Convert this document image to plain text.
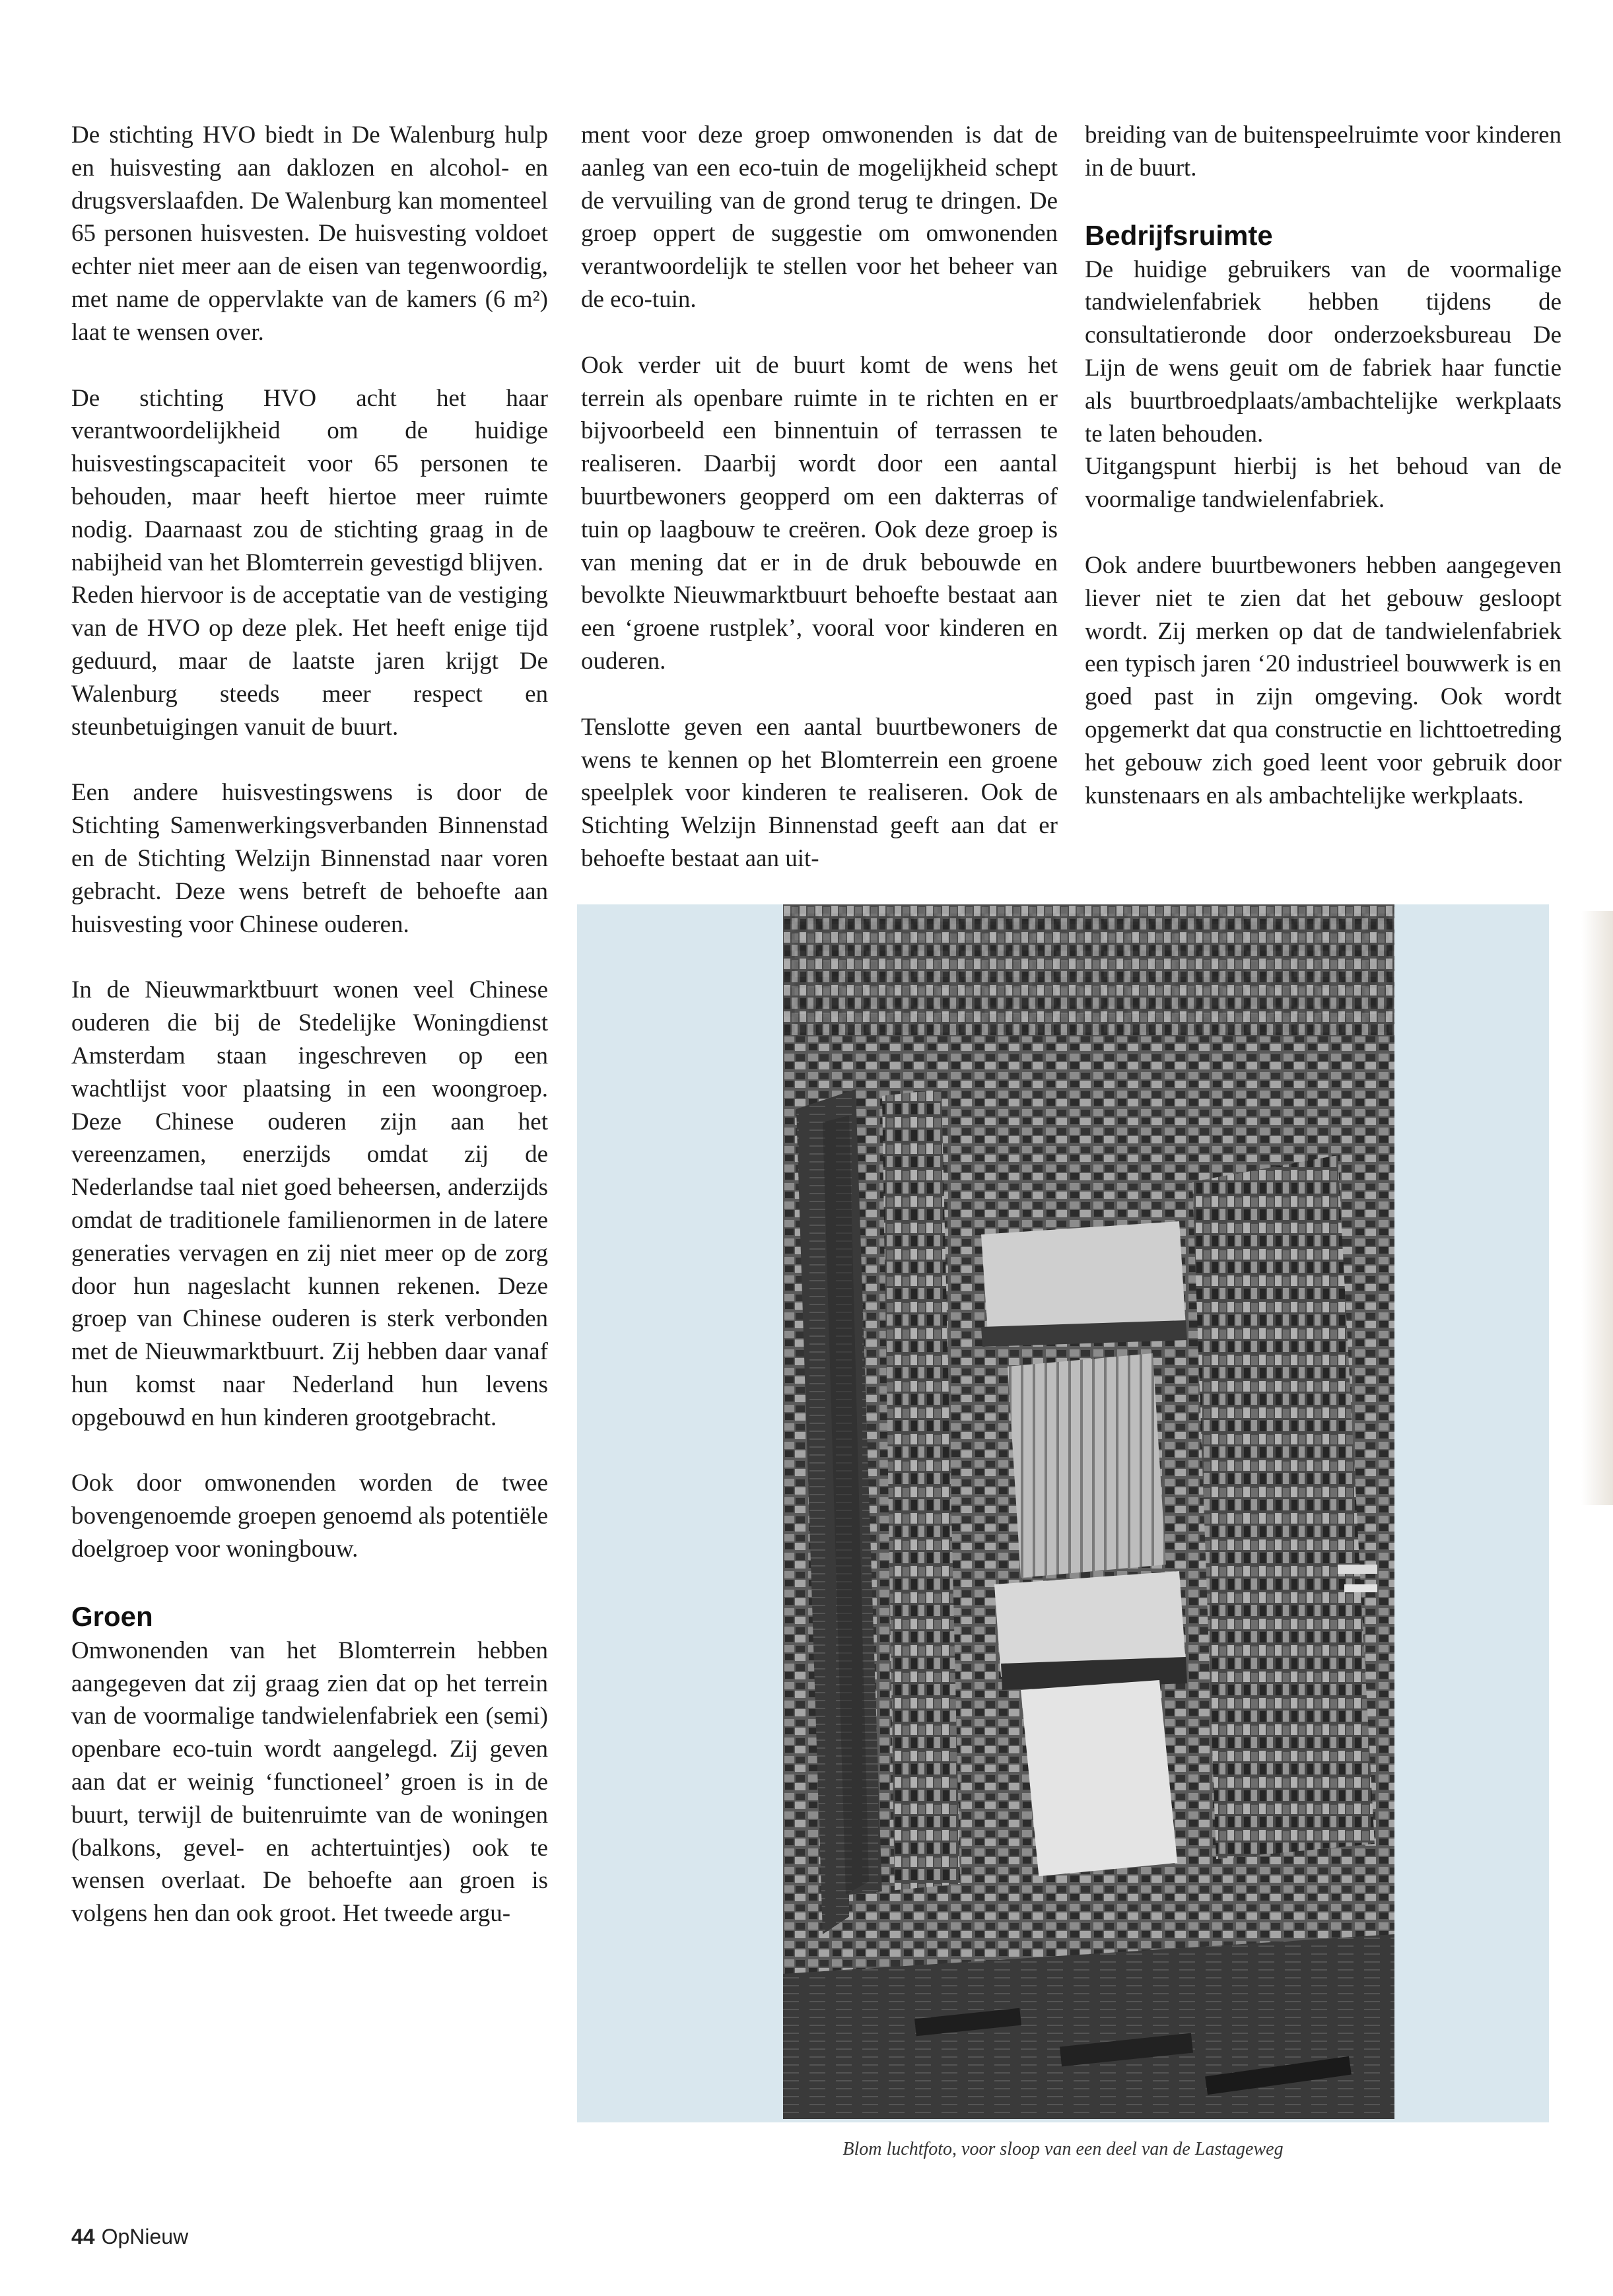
De stichting HVO biedt in De Walenburg hulp en huisvesting aan daklozen en alcohol- en drugsverslaafden. De Walenburg kan momenteel 65 personen huisvesten. De huisvesting voldoet echter niet meer aan de eisen van tegenwoordig, met name de oppervlakte van de kamers (6 m²) laat te wensen over.

De stichting HVO acht het haar verantwoordelijkheid om de huidige huisvestingscapaciteit voor 65 personen te behouden, maar heeft hiertoe meer ruimte nodig. Daarnaast zou de stichting graag in de nabijheid van het Blomterrein gevestigd blijven.

Reden hiervoor is de acceptatie van de vestiging van de HVO op deze plek. Het heeft enige tijd geduurd, maar de laatste jaren krijgt De Walenburg steeds meer respect en steunbetuigingen vanuit de buurt.

Een andere huisvestingswens is door de Stichting Samenwerkingsverbanden Binnenstad en de Stichting Welzijn Binnenstad naar voren gebracht. Deze wens betreft de behoefte aan huisvesting voor Chinese ouderen.

In de Nieuwmarktbuurt wonen veel Chinese ouderen die bij de Stedelijke Woningdienst Amsterdam staan ingeschreven op een wachtlijst voor plaatsing in een woongroep. Deze Chinese ouderen zijn aan het vereenzamen, enerzijds omdat zij de Nederlandse taal niet goed beheersen, anderzijds omdat de traditionele familienormen in de latere generaties vervagen en zij niet meer op de zorg door hun nageslacht kunnen rekenen. Deze groep van Chinese ouderen is sterk verbonden met de Nieuwmarktbuurt. Zij hebben daar vanaf hun komst naar Nederland hun levens opgebouwd en hun kinderen grootgebracht.

Ook door omwonenden worden de twee bovengenoemde groepen genoemd als potentiële doelgroep voor woningbouw.

Groen

Omwonenden van het Blomterrein hebben aangegeven dat zij graag zien dat op het terrein van de voormalige tandwielenfabriek een (semi) openbare eco-tuin wordt aangelegd. Zij geven aan dat er weinig ‘functioneel’ groen is in de buurt, terwijl de buitenruimte van de woningen (balkons, gevel- en achtertuintjes) ook te wensen overlaat. De behoefte aan groen is volgens hen dan ook groot. Het tweede argu-

ment voor deze groep omwonenden is dat de aanleg van een eco-tuin de mogelijkheid schept de vervuiling van de grond terug te dringen. De groep oppert de suggestie om omwonenden verantwoordelijk te stellen voor het beheer van de eco-tuin.

Ook verder uit de buurt komt de wens het terrein als openbare ruimte in te richten en er bijvoorbeeld een binnentuin of terrassen te realiseren. Daarbij wordt door een aantal buurtbewoners geopperd om een dakterras of tuin op laagbouw te creëren. Ook deze groep is van mening dat er in de druk bebouwde en bevolkte Nieuwmarktbuurt behoefte bestaat aan een ‘groene rustplek’, vooral voor kinderen en ouderen.

Tenslotte geven een aantal buurtbewoners de wens te kennen op het Blomterrein een groene speelplek voor kinderen te realiseren. Ook de Stichting Welzijn Binnenstad geeft aan dat er behoefte bestaat aan uit-

breiding van de buitenspeelruimte voor kinderen in de buurt.

Bedrijfsruimte

De huidige gebruikers van de voormalige tandwielenfabriek hebben tijdens de consultatieronde door onderzoeksbureau De Lijn de wens geuit om de fabriek haar functie als buurtbroedplaats/ambachtelijke werkplaats te laten behouden.

Uitgangspunt hierbij is het behoud van de voormalige tandwielenfabriek.

Ook andere buurtbewoners hebben aangegeven liever niet te zien dat het gebouw gesloopt wordt. Zij merken op dat de tandwielenfabriek een typisch jaren ‘20 industrieel bouwwerk is en goed past in zijn omgeving. Ook wordt opgemerkt dat qua constructie en lichttoetreding het gebouw zich goed leent voor gebruik door kunstenaars en als ambachtelijke werkplaats.

Blom luchtfoto, voor sloop van een deel van de Lastageweg
44 OpNieuw
